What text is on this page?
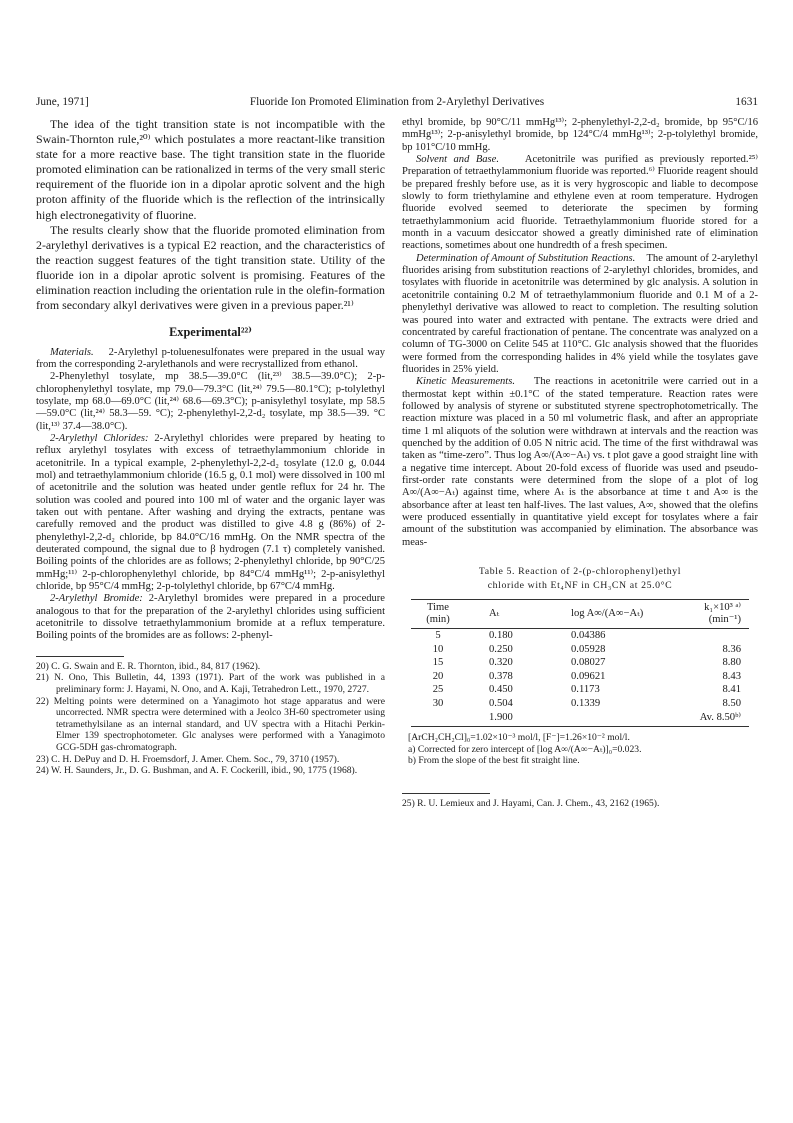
June, 1971]	Fluoride Ion Promoted Elimination from 2-Arylethyl Derivatives	1631

The idea of the tight transition state is not incompatible with the Swain-Thornton rule,²⁰⁾ which postulates a more reactant-like transition state for a more reactive base. The tight transition state in the fluoride promoted elimination can be rationalized in terms of the very small steric requirement of the fluoride ion in a dipolar aprotic solvent and the high proton affinity of the fluoride which is the reflection of the intrinsically high electronegativity of fluorine.

The results clearly show that the fluoride promoted elimination from 2-arylethyl derivatives is a typical E2 reaction, and the characteristics of the reaction suggest features of the tight transition state. Utility of the fluoride ion in a dipolar aprotic solvent is promising. Features of the elimination reaction including the orientation rule in the olefin-formation from secondary alkyl derivatives were given in a previous paper.²¹⁾

Experimental²²⁾

Materials. 2-Arylethyl p-toluenesulfonates were prepared in the usual way from the corresponding 2-arylethanols and were recrystallized from ethanol.

2-Phenylethyl tosylate, mp 38.5—39.0°C (lit,²³⁾ 38.5—39.0°C); 2-p-chlorophenylethyl tosylate, mp 79.0—79.3°C (lit,²⁴⁾ 79.5—80.1°C); p-tolylethyl tosylate, mp 68.0—69.0°C (lit,²⁴⁾ 68.6—69.3°C); p-anisylethyl tosylate, mp 58.5—59.0°C (lit,²⁴⁾ 58.3—59. °C); 2-phenylethyl-2,2-d₂ tosylate, mp 38.5—39. °C (lit,¹³⁾ 37.4—38.0°C).

2-Arylethyl Chlorides: 2-Arylethyl chlorides were prepared by heating to reflux arylethyl tosylates with excess of tetraethylammonium chloride in acetonitrile. In a typical example, 2-phenylethyl-2,2-d₂ tosylate (12.0 g, 0.044 mol) and tetraethylammonium chloride (16.5 g, 0.1 mol) were dissolved in 100 ml of acetonitrile and the solution was heated under gentle reflux for 24 hr. The solution was cooled and poured into 100 ml of water and the organic layer was taken out with pentane. After washing and drying the extracts, pentane was carefully removed and the product was distilled to give 4.8 g (86%) of 2-phenylethyl-2,2-d₂ chloride, bp 84.0°C/16 mmHg. On the NMR spectra of the deuterated compound, the signal due to β hydrogen (7.1 τ) completely vanished. Boiling points of the chlorides are as follows; 2-phenylethyl chloride, bp 90°C/25 mmHg;¹¹⁾ 2-p-chlorophenylethyl chloride, bp 84°C/4 mmHg¹¹⁾; 2-p-anisylethyl chloride, bp 95°C/4 mmHg; 2-p-tolylethyl chloride, bp 67°C/4 mmHg.

2-Arylethyl Bromide: 2-Arylethyl bromides were prepared in a procedure analogous to that for the preparation of the 2-arylethyl chlorides using sufficient acetonitrile to dissolve tetraethylammonium bromide at a reflux temperature. Boiling points of the bromides are as follows: 2-phenyl-

20) C. G. Swain and E. R. Thornton, ibid., 84, 817 (1962).

21) N. Ono, This Bulletin, 44, 1393 (1971). Part of the work was published in a preliminary form: J. Hayami, N. Ono, and A. Kaji, Tetrahedron Lett., 1970, 2727.

22) Melting points were determined on a Yanagimoto hot stage apparatus and were uncorrected. NMR spectra were determined with a Jeolco 3H-60 spectrometer using tetramethylsilane as an internal standard, and UV spectra with a Hitachi Perkin-Elmer 139 spectrophotometer. Glc analyses were performed with a Yanagimoto GCG-5DH gas-chromatograph.

23) C. H. DePuy and D. H. Froemsdorf, J. Amer. Chem. Soc., 79, 3710 (1957).

24) W. H. Saunders, Jr., D. G. Bushman, and A. F. Cockerill, ibid., 90, 1775 (1968).

ethyl bromide, bp 90°C/11 mmHg¹³⁾; 2-phenylethyl-2,2-d₂ bromide, bp 95°C/16 mmHg¹³⁾; 2-p-anisylethyl bromide, bp 124°C/4 mmHg¹³⁾; 2-p-tolylethyl bromide, bp 101°C/10 mmHg.

Solvent and Base. Acetonitrile was purified as previously reported.²⁵⁾ Preparation of tetraethylammonium fluoride was reported.⁶⁾ Fluoride reagent should be prepared freshly before use, as it is very hygroscopic and liable to decompose slowly to form triethylamine and ethylene even at room temperature. Hydrogen fluoride evolved seemed to deteriorate the specimen by forming tetraethylammonium acid fluoride. Tetraethylammonium fluoride stored for a month in a vacuum desiccator showed a greatly diminished rate of elimination reactions, sometimes about one hundredth of a fresh specimen.

Determination of Amount of Substitution Reactions. The amount of 2-arylethyl fluorides arising from substitution reactions of 2-arylethyl chlorides, bromides, and tosylates with fluoride in acetonitrile was determined by glc analysis. A solution in acetonitrile containing 0.2 M of tetraethylammonium fluoride and 0.1 M of a 2-phenylethyl derivative was allowed to react to completion. The resulting solution was poured into water and extracted with pentane. The extracts were dried and concentrated by careful fractionation of pentane. The concentrate was analyzed on a column of TG-3000 on Celite 545 at 110°C. Glc analysis showed that the fluorides were formed from the corresponding halides in 4% yield while the tosylates gave fluorides in 25% yield.

Kinetic Measurements. The reactions in acetonitrile were carried out in a thermostat kept within ±0.1°C of the stated temperature. Reaction rates were followed by analysis of styrene or substituted styrene spectrophotometrically. The reaction mixture was placed in a 50 ml volumetric flask, and after an appropriate time 1 ml aliquots of the solution were withdrawn at intervals and the reaction was quenched by the addition of 0.05 N nitric acid. The time of the first withdrawal was taken as “time-zero”. Thus log A∞/(A∞−Aₜ) vs. t plot gave a good straight line with a negative time intercept. About 20-fold excess of fluoride was used and pseudo-first-order rate constants were determined from the slope of a plot of log A∞/(A∞−Aₜ) against time, where Aₜ is the absorbance at time t and A∞ is the absorbance after at least ten half-lives. The last values, A∞, showed that the olefins were produced essentially in quantitative yield except for tosylates where a fair amount of the substitution was accompanied by elimination. The absorbance was meas-

Table 5. Reaction of 2-(p-chlorophenyl)ethyl
chloride with Et₄NF in CH₃CN at 25.0°C
Time (min)	Aₜ	log A∞/(A∞−Aₜ)	k₁×10³ ᵃ⁾ (min⁻¹)
5	0.180	0.04386	
10	0.250	0.05928	8.36
15	0.320	0.08027	8.80
20	0.378	0.09621	8.43
25	0.450	0.1173	8.41
30	0.504	0.1339	8.50
	1.900		Av. 8.50ᵇ⁾
[ArCH₂CH₂Cl]₀=1.02×10⁻³ mol/l, [F⁻]=1.26×10⁻² mol/l.
a) Corrected for zero intercept of [log A∞/(A∞−Aₜ)]₀=0.023.
b) From the slope of the best fit straight line.

25) R. U. Lemieux and J. Hayami, Can. J. Chem., 43, 2162 (1965).
